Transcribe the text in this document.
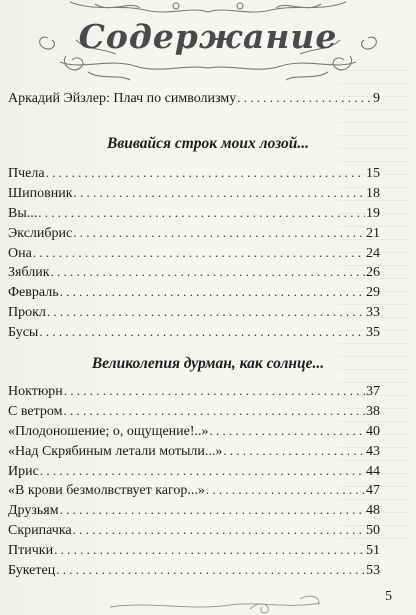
Содержание
Аркадий Эйзлер: Плач по символизму . . .	9
Ввивайся строк моих лозой...
Пчела . . .	15
Шиповник . . .	18
Вы... . . .	19
Экслибрис . . .	21
Она . . .	24
Зяблик . . .	26
Февраль . . .	29
Прокл . . .	33
Бусы . . .	35
Великолепия дурман, как солнце...
Ноктюрн . . .	37
С ветром . . .	38
«Плодоношение; о, ощущение!..» . . .	40
«Над Скрябиным летали мотыли...» . . .	43
Ирис . . .	44
«В крови безмолвствует кагор...» . . .	47
Друзьям . . .	48
Скрипачка . . .	50
Птички . . .	51
Букетец . . .	53
5
